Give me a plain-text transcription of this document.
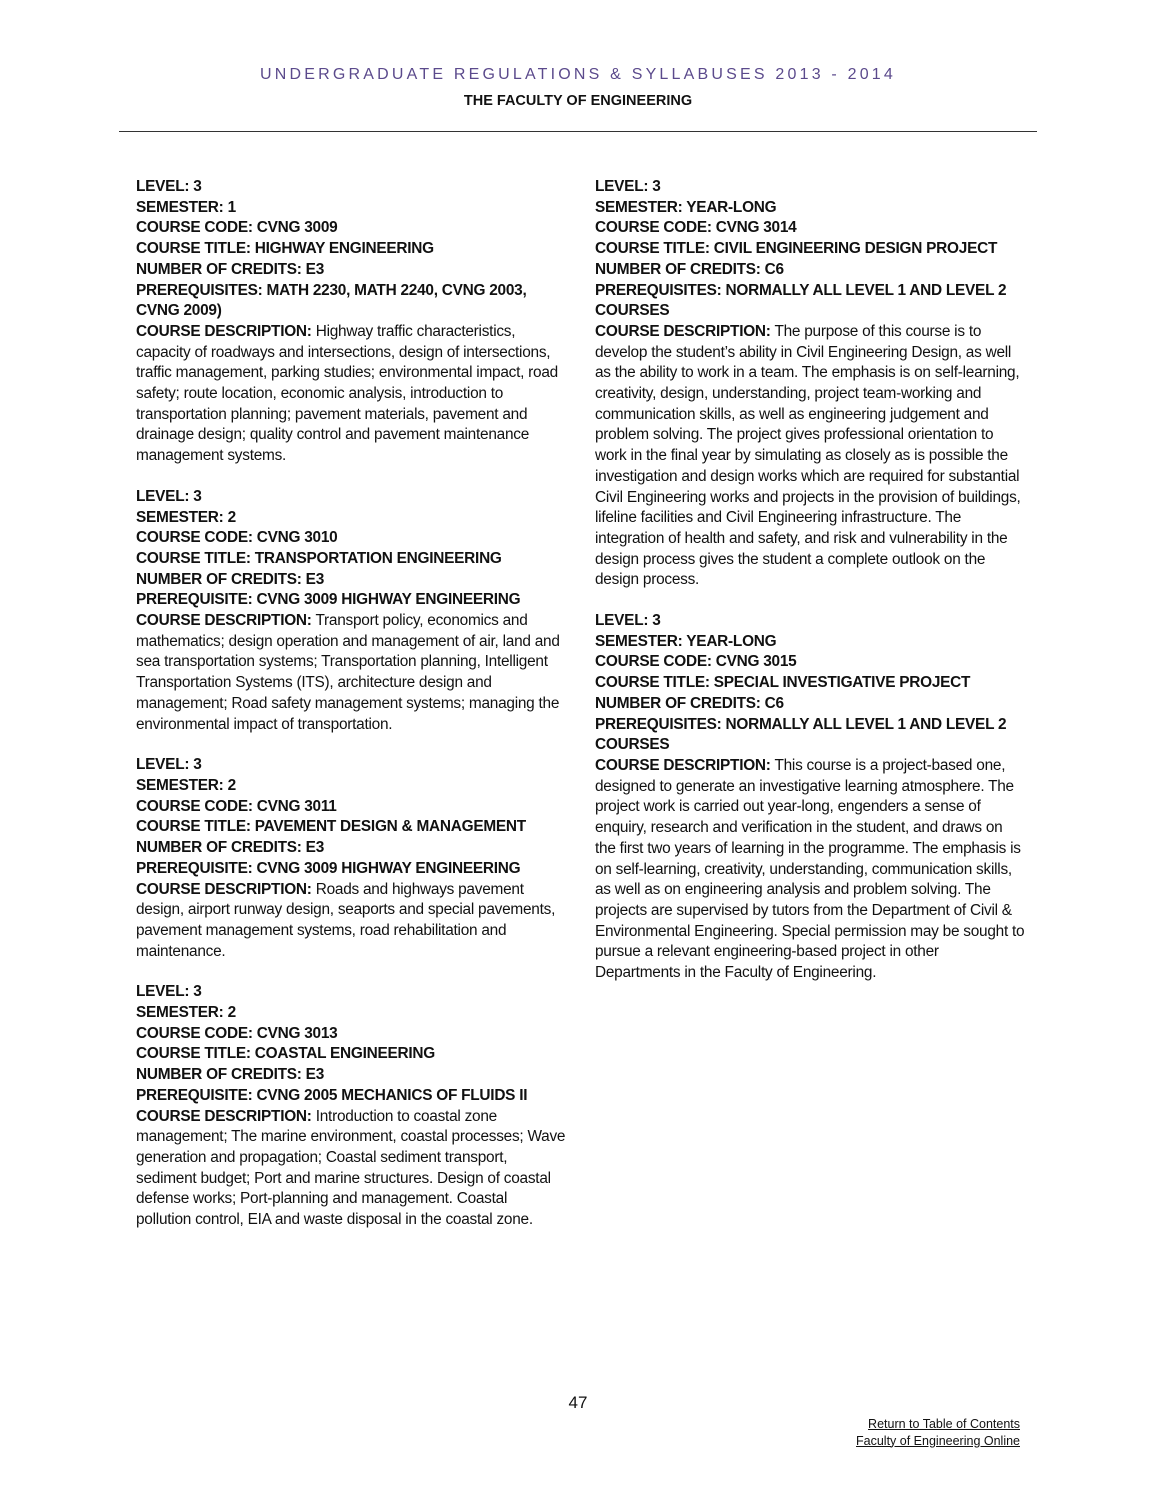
UNDERGRADUATE REGULATIONS & SYLLABUSES 2013 - 2014
THE FACULTY OF ENGINEERING
LEVEL: 3
SEMESTER: 1
COURSE CODE: CVNG 3009
COURSE TITLE: HIGHWAY ENGINEERING
NUMBER OF CREDITS: E3
PREREQUISITES: MATH 2230, MATH 2240, CVNG 2003, CVNG 2009)
COURSE DESCRIPTION: Highway traffic characteristics, capacity of roadways and intersections, design of intersections, traffic management, parking studies; environmental impact, road safety; route location, economic analysis, introduction to transportation planning; pavement materials, pavement and drainage design; quality control and pavement maintenance management systems.
LEVEL: 3
SEMESTER: 2
COURSE CODE: CVNG 3010
COURSE TITLE: TRANSPORTATION ENGINEERING
NUMBER OF CREDITS: E3
PREREQUISITE: CVNG 3009 HIGHWAY ENGINEERING
COURSE DESCRIPTION: Transport policy, economics and mathematics; design operation and management of air, land and sea transportation systems; Transportation planning, Intelligent Transportation Systems (ITS), architecture design and management; Road safety management systems; managing the environmental impact of transportation.
LEVEL: 3
SEMESTER: 2
COURSE CODE: CVNG 3011
COURSE TITLE: PAVEMENT DESIGN & MANAGEMENT
NUMBER OF CREDITS: E3
PREREQUISITE: CVNG 3009 HIGHWAY ENGINEERING
COURSE DESCRIPTION: Roads and highways pavement design, airport runway design, seaports and special pavements, pavement management systems, road rehabilitation and maintenance.
LEVEL: 3
SEMESTER: 2
COURSE CODE: CVNG 3013
COURSE TITLE: COASTAL ENGINEERING
NUMBER OF CREDITS: E3
PREREQUISITE: CVNG 2005 MECHANICS OF FLUIDS II
COURSE DESCRIPTION: Introduction to coastal zone management; The marine environment, coastal processes; Wave generation and propagation; Coastal sediment transport, sediment budget; Port and marine structures. Design of coastal defense works; Port-planning and management. Coastal pollution control, EIA and waste disposal in the coastal zone.
LEVEL: 3
SEMESTER: YEAR-LONG
COURSE CODE: CVNG 3014
COURSE TITLE: CIVIL ENGINEERING DESIGN PROJECT
NUMBER OF CREDITS: C6
PREREQUISITES: NORMALLY ALL LEVEL 1 AND LEVEL 2 COURSES
COURSE DESCRIPTION: The purpose of this course is to develop the student’s ability in Civil Engineering Design, as well as the ability to work in a team. The emphasis is on self-learning, creativity, design, understanding, project team-working and communication skills, as well as engineering judgement and problem solving. The project gives professional orientation to work in the final year by simulating as closely as is possible the investigation and design works which are required for substantial Civil Engineering works and projects in the provision of buildings, lifeline facilities and Civil Engineering infrastructure. The integration of health and safety, and risk and vulnerability in the design process gives the student a complete outlook on the design process.
LEVEL: 3
SEMESTER: YEAR-LONG
COURSE CODE: CVNG 3015
COURSE TITLE: SPECIAL INVESTIGATIVE PROJECT
NUMBER OF CREDITS: C6
PREREQUISITES: NORMALLY ALL LEVEL 1 AND LEVEL 2 COURSES
COURSE DESCRIPTION: This course is a project-based one, designed to generate an investigative learning atmosphere. The project work is carried out year-long, engenders a sense of enquiry, research and verification in the student, and draws on the first two years of learning in the programme. The emphasis is on self-learning, creativity, understanding, communication skills, as well as on engineering analysis and problem solving. The projects are supervised by tutors from the Department of Civil & Environmental Engineering. Special permission may be sought to pursue a relevant engineering-based project in other Departments in the Faculty of Engineering.
47
Return to Table of Contents
Faculty of Engineering Online
